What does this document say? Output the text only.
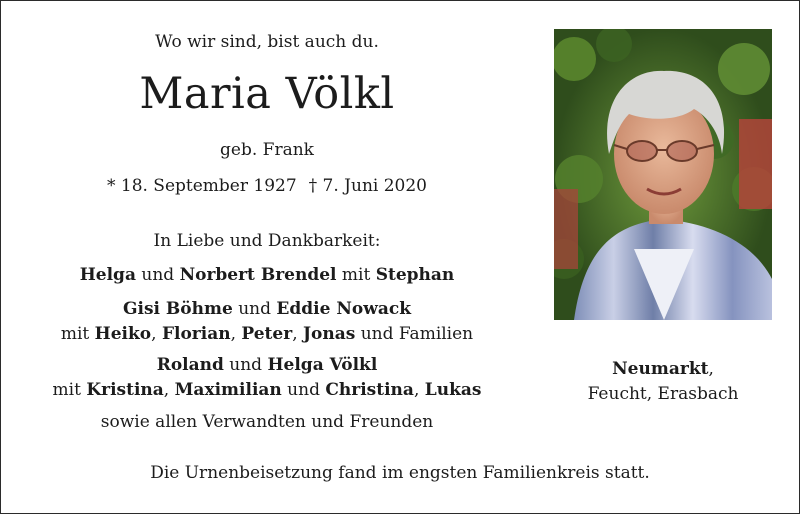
Wo wir sind, bist auch du.
Maria Völkl
geb. Frank
* 18. September 1927 † 7. Juni 2020
In Liebe und Dankbarkeit:
Helga und Norbert Brendel mit Stephan
Gisi Böhme und Eddie Nowack
mit Heiko, Florian, Peter, Jonas und Familien
Roland und Helga Völkl
mit Kristina, Maximilian und Christina, Lukas
sowie allen Verwandten und Freunden
Neumarkt,
Feucht, Erasbach
Die Urnenbeisetzung fand im engsten Familienkreis statt.
